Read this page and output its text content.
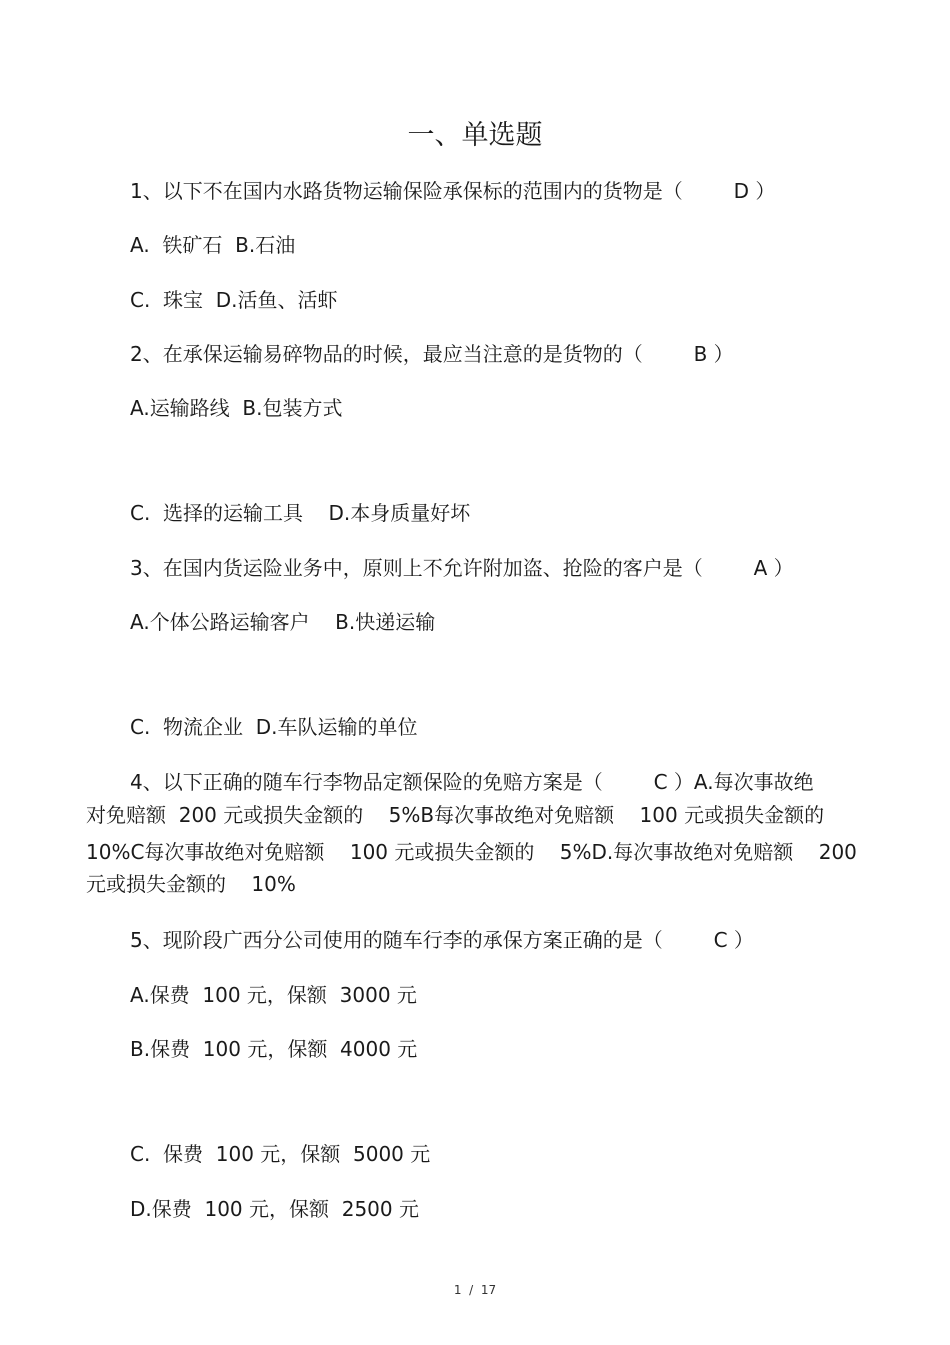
一、单选题
1、以下不在国内水路货物运输保险承保标的范围内的货物是（        D ）
A.  铁矿石  B.石油
C.  珠宝  D.活鱼、活虾
2、在承保运输易碎物品的时候，最应当注意的是货物的（        B ）
A.运输路线  B.包装方式
C.  选择的运输工具    D.本身质量好坏
3、在国内货运险业务中，原则上不允许附加盗、抢险的客户是（        A ）
A.个体公路运输客户    B.快递运输
C.  物流企业  D.车队运输的单位
4、以下正确的随车行李物品定额保险的免赔方案是（        C ）A.每次事故绝
对免赔额  200 元或损失金额的    5%B每次事故绝对免赔额    100 元或损失金额的
10%C每次事故绝对免赔额    100 元或损失金额的    5%D.每次事故绝对免赔额    200
元或损失金额的    10%
5、现阶段广西分公司使用的随车行李的承保方案正确的是（        C ）
A.保费  100 元，保额  3000 元
B.保费  100 元，保额  4000 元
C.  保费  100 元，保额  5000 元
D.保费  100 元，保额  2500 元
1  /  17
